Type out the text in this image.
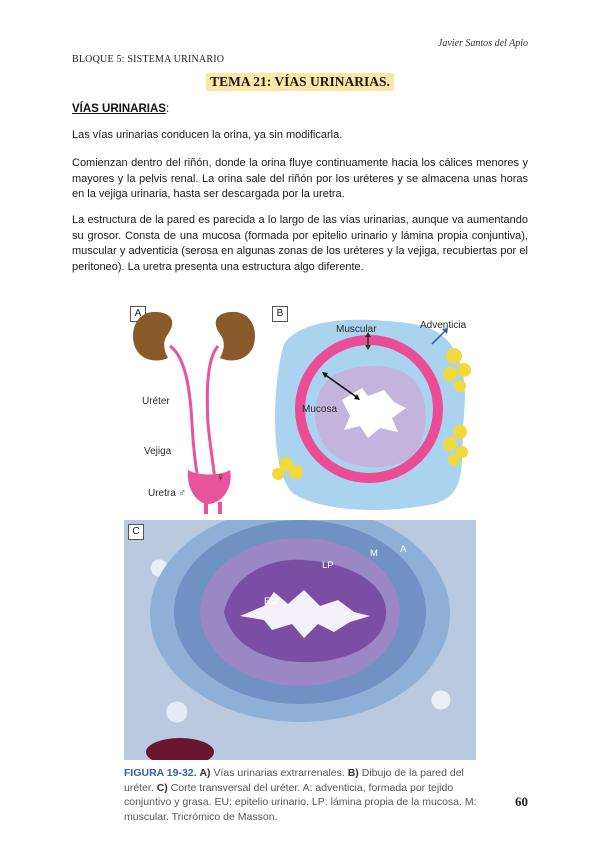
Javier Santos del Apio
BLOQUE 5: SISTEMA URINARIO
TEMA 21: VÍAS URINARIAS.
VÍAS URINARIAS:

Las vías urinarias conducen la orina, ya sin modificarla.

Comienzan dentro del riñón, donde la orina fluye continuamente hacia los cálices menores y mayores y la pelvis renal. La orina sale del riñón por los uréteres y se almacena unas horas en la vejiga urinaria, hasta ser descargada por la uretra.

La estructura de la pared es parecida a lo largo de las vías urinarias, aunque va aumentando su grosor. Consta de una mucosa (formada por epitelio urinario y lámina propia conjuntiva), muscular y adventicia (serosa en algunas zonas de los uréteres y la vejiga, recubiertas por el peritoneo). La uretra presenta una estructura algo diferente.

A
Uréter
Vejiga
Uretra ♂
♀
B
Muscular	Adventicia
Mucosa
C
A
M
LP
EU

FIGURA 19-32. A) Vías urinarias extrarrenales. B) Dibujo de la pared del uréter. C) Corte transversal del uréter. A: adventicia, formada por tejido conjuntivo y grasa. EU: epitelio urinario. LP: lámina propia de la mucosa. M: muscular. Tricrómico de Masson.

60
